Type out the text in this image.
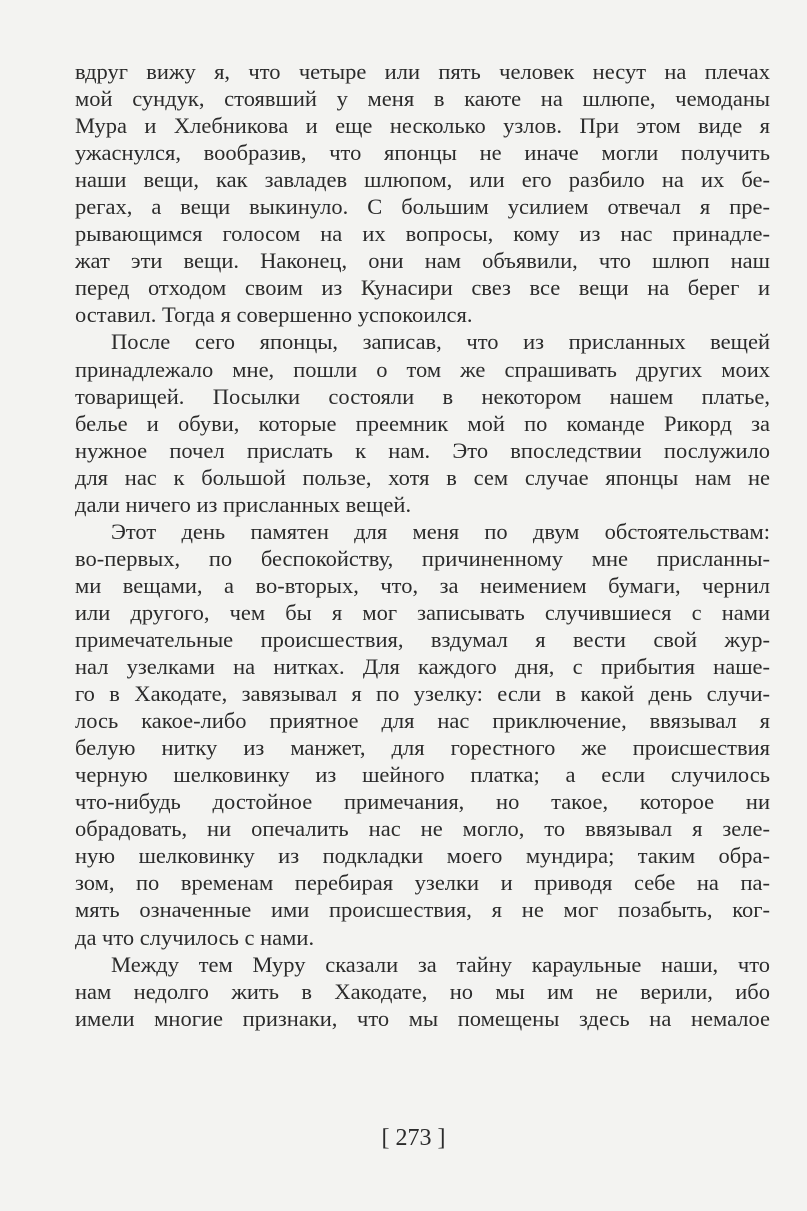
вдруг вижу я, что четыре или пять человек несут на плечах
мой сундук, стоявший у меня в каюте на шлюпе, чемоданы
Мура и Хлебникова и еще несколько узлов. При этом виде я
ужаснулся, вообразив, что японцы не иначе могли получить
наши вещи, как завладев шлюпом, или его разбило на их бе-
регах, а вещи выкинуло. С большим усилием отвечал я пре-
рывающимся голосом на их вопросы, кому из нас принадле-
жат эти вещи. Наконец, они нам объявили, что шлюп наш
перед отходом своим из Кунасири свез все вещи на берег и
оставил. Тогда я совершенно успокоился.
После сего японцы, записав, что из присланных вещей
принадлежало мне, пошли о том же спрашивать других моих
товарищей. Посылки состояли в некотором нашем платье,
белье и обуви, которые преемник мой по команде Рикорд за
нужное почел прислать к нам. Это впоследствии послужило
для нас к большой пользе, хотя в сем случае японцы нам не
дали ничего из присланных вещей.
Этот день памятен для меня по двум обстоятельствам:
во-первых, по беспокойству, причиненному мне присланны-
ми вещами, а во-вторых, что, за неимением бумаги, чернил
или другого, чем бы я мог записывать случившиеся с нами
примечательные происшествия, вздумал я вести свой жур-
нал узелками на нитках. Для каждого дня, с прибытия наше-
го в Хакодате, завязывал я по узелку: если в какой день случи-
лось какое-либо приятное для нас приключение, ввязывал я
белую нитку из манжет, для горестного же происшествия
черную шелковинку из шейного платка; а если случилось
что-нибудь достойное примечания, но такое, которое ни
обрадовать, ни опечалить нас не могло, то ввязывал я зеле-
ную шелковинку из подкладки моего мундира; таким обра-
зом, по временам перебирая узелки и приводя себе на па-
мять означенные ими происшествия, я не мог позабыть, ког-
да что случилось с нами.
Между тем Муру сказали за тайну караульные наши, что
нам недолго жить в Хакодате, но мы им не верили, ибо
имели многие признаки, что мы помещены здесь на немалое
[ 273 ]
